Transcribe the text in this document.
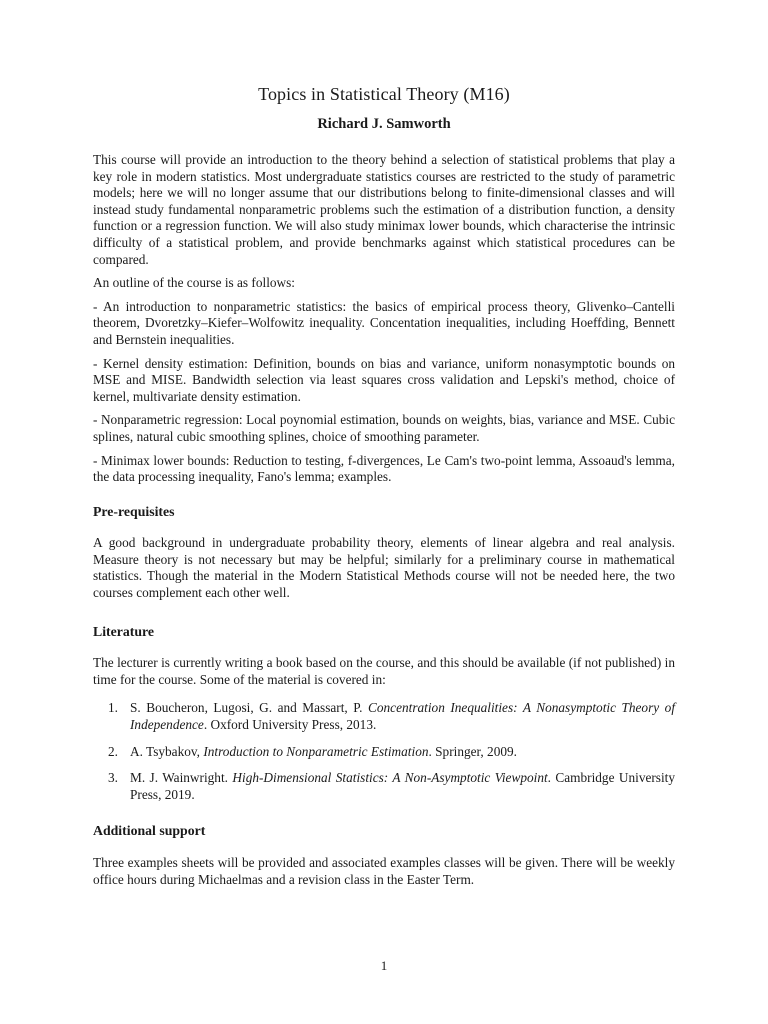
Topics in Statistical Theory (M16)
Richard J. Samworth

This course will provide an introduction to the theory behind a selection of statistical problems that play a key role in modern statistics. Most undergraduate statistics courses are restricted to the study of parametric models; here we will no longer assume that our distributions belong to finite-dimensional classes and will instead study fundamental nonparametric problems such the estimation of a distribution function, a density function or a regression function. We will also study minimax lower bounds, which characterise the intrinsic difficulty of a statistical problem, and provide benchmarks against which statistical procedures can be compared.

An outline of the course is as follows:

- An introduction to nonparametric statistics: the basics of empirical process theory, Glivenko–Cantelli theorem, Dvoretzky–Kiefer–Wolfowitz inequality. Concentation inequalities, including Hoeffding, Bennett and Bernstein inequalities.

- Kernel density estimation: Definition, bounds on bias and variance, uniform nonasymptotic bounds on MSE and MISE. Bandwidth selection via least squares cross validation and Lepski's method, choice of kernel, multivariate density estimation.

- Nonparametric regression: Local poynomial estimation, bounds on weights, bias, variance and MSE. Cubic splines, natural cubic smoothing splines, choice of smoothing parameter.

- Minimax lower bounds: Reduction to testing, f-divergences, Le Cam's two-point lemma, Assoaud's lemma, the data processing inequality, Fano's lemma; examples.

Pre-requisites

A good background in undergraduate probability theory, elements of linear algebra and real analysis. Measure theory is not necessary but may be helpful; similarly for a preliminary course in mathematical statistics. Though the material in the Modern Statistical Methods course will not be needed here, the two courses complement each other well.

Literature

The lecturer is currently writing a book based on the course, and this should be available (if not published) in time for the course. Some of the material is covered in:

1. S. Boucheron, Lugosi, G. and Massart, P. Concentration Inequalities: A Nonasymptotic Theory of Independence. Oxford University Press, 2013.
2. A. Tsybakov, Introduction to Nonparametric Estimation. Springer, 2009.
3. M. J. Wainwright. High-Dimensional Statistics: A Non-Asymptotic Viewpoint. Cambridge University Press, 2019.
Additional support

Three examples sheets will be provided and associated examples classes will be given. There will be weekly office hours during Michaelmas and a revision class in the Easter Term.

1
